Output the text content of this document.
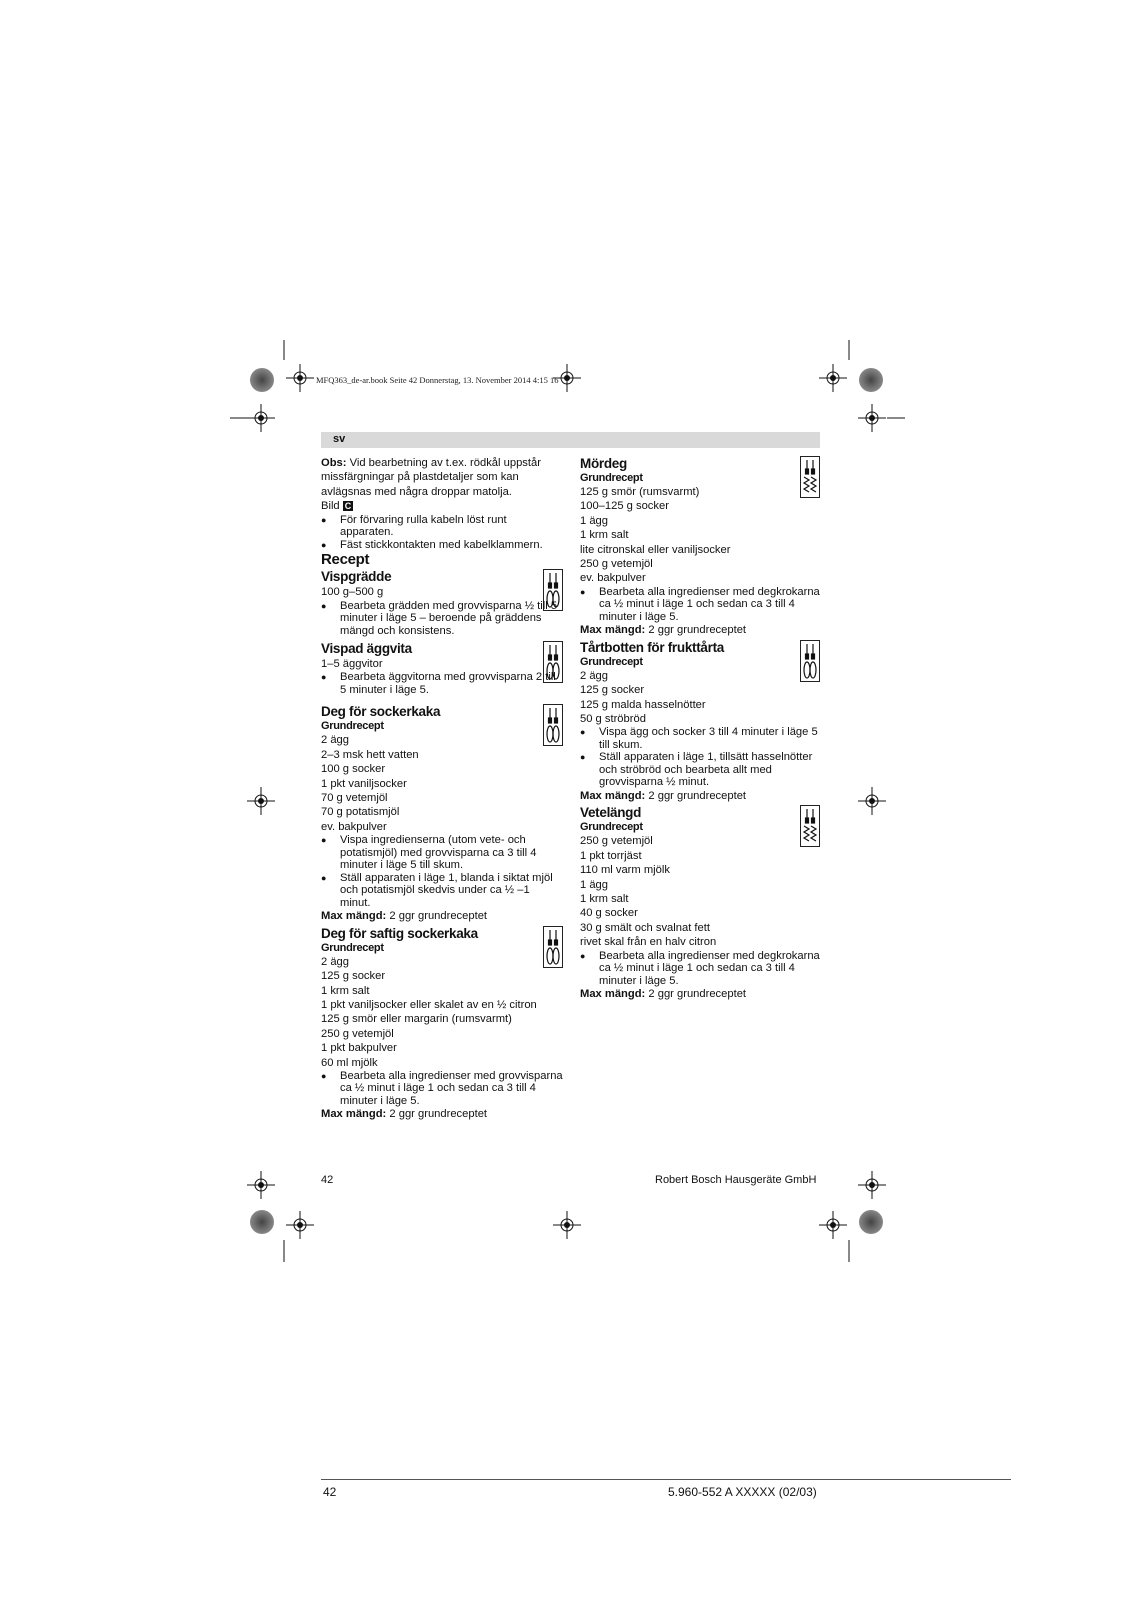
MFQ363_de-ar.book Seite 42 Donnerstag, 13. November 2014 4:15 16
sv

Obs: Vid bearbetning av t.ex. rödkål uppstår missfärgningar på plastdetaljer som kan avlägsnas med några droppar matolja.

Bild C

● För förvaring rulla kabeln löst runt apparaten.

● Fäst stickkontakten med kabelklammern.

Recept

Vispgrädde

100 g–500 g

● Bearbeta grädden med grovvisparna ½ till 5 minuter i läge 5 – beroende på gräddens mängd och konsistens.

Vispad äggvita

1–5 äggvitor

● Bearbeta äggvitorna med grovvisparna 2 till 5 minuter i läge 5.

Deg för sockerkaka

Grundrecept

2 ägg

2–3 msk hett vatten

100 g socker

1 pkt vaniljsocker

70 g vetemjöl

70 g potatismjöl

ev. bakpulver

● Vispa ingredienserna (utom vete- och potatismjöl) med grovvisparna ca 3 till 4 minuter i läge 5 till skum.

● Ställ apparaten i läge 1, blanda i siktat mjöl och potatismjöl skedvis under ca ½ –1 minut.

Max mängd: 2 ggr grundreceptet

Deg för saftig sockerkaka

Grundrecept

2 ägg

125 g socker

1 krm salt

1 pkt vaniljsocker eller skalet av en ½ citron

125 g smör eller margarin (rumsvarmt)

250 g vetemjöl

1 pkt bakpulver

60 ml mjölk

● Bearbeta alla ingredienser med grovvisparna ca ½ minut i läge 1 och sedan ca 3 till 4 minuter i läge 5.

Max mängd: 2 ggr grundreceptet

Mördeg

Grundrecept

125 g smör (rumsvarmt)

100–125 g socker

1 ägg

1 krm salt

lite citronskal eller vaniljsocker

250 g vetemjöl

ev. bakpulver

● Bearbeta alla ingredienser med degkrokarna ca ½ minut i läge 1 och sedan ca 3 till 4 minuter i läge 5.

Max mängd: 2 ggr grundreceptet

Tårtbotten för frukttårta

Grundrecept

2 ägg

125 g socker

125 g malda hasselnötter

50 g ströbröd

● Vispa ägg och socker 3 till 4 minuter i läge 5 till skum.

● Ställ apparaten i läge 1, tillsätt hasselnötter och ströbröd och bearbeta allt med grovvisparna ½ minut.

Max mängd: 2 ggr grundreceptet

Vetelängd

Grundrecept

250 g vetemjöl

1 pkt torrjäst

110 ml varm mjölk

1 ägg

1 krm salt

40 g socker

30 g smält och svalnat fett

rivet skal från en halv citron

● Bearbeta alla ingredienser med degkrokarna ca ½ minut i läge 1 och sedan ca 3 till 4 minuter i läge 5.

Max mängd: 2 ggr grundreceptet

42	Robert Bosch Hausgeräte GmbH
42	5.960-552 A XXXXX (02/03)
